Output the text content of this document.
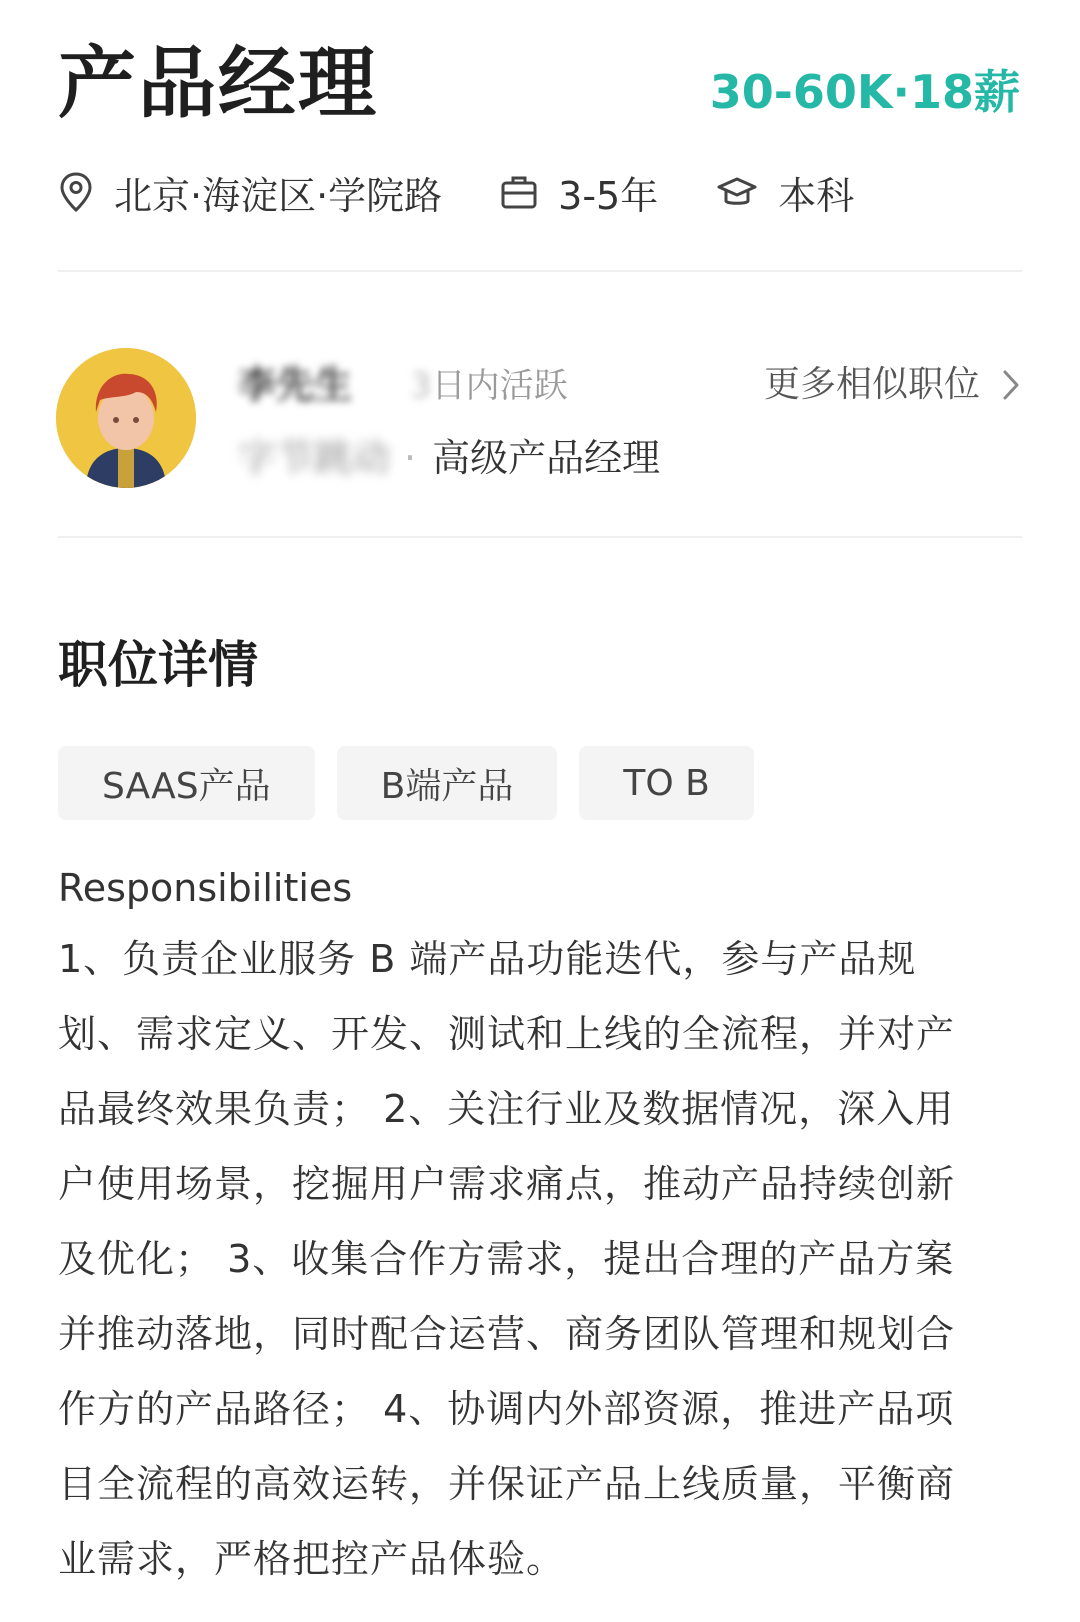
产品经理	30-60K·18薪
北京·海淀区·学院路	3-5年	本科
李先生 3日内活跃
字节跳动 · 高级产品经理
更多相似职位
职位详情
SAAS产品	B端产品	TO B
Responsibilities
1、负责企业服务 B 端产品功能迭代，参与产品规划、需求定义、开发、测试和上线的全流程，并对产品最终效果负责； 2、关注行业及数据情况，深入用户使用场景，挖掘用户需求痛点，推动产品持续创新及优化； 3、收集合作方需求，提出合理的产品方案并推动落地，同时配合运营、商务团队管理和规划合作方的产品路径； 4、协调内外部资源，推进产品项目全流程的高效运转，并保证产品上线质量，平衡商业需求，严格把控产品体验。
